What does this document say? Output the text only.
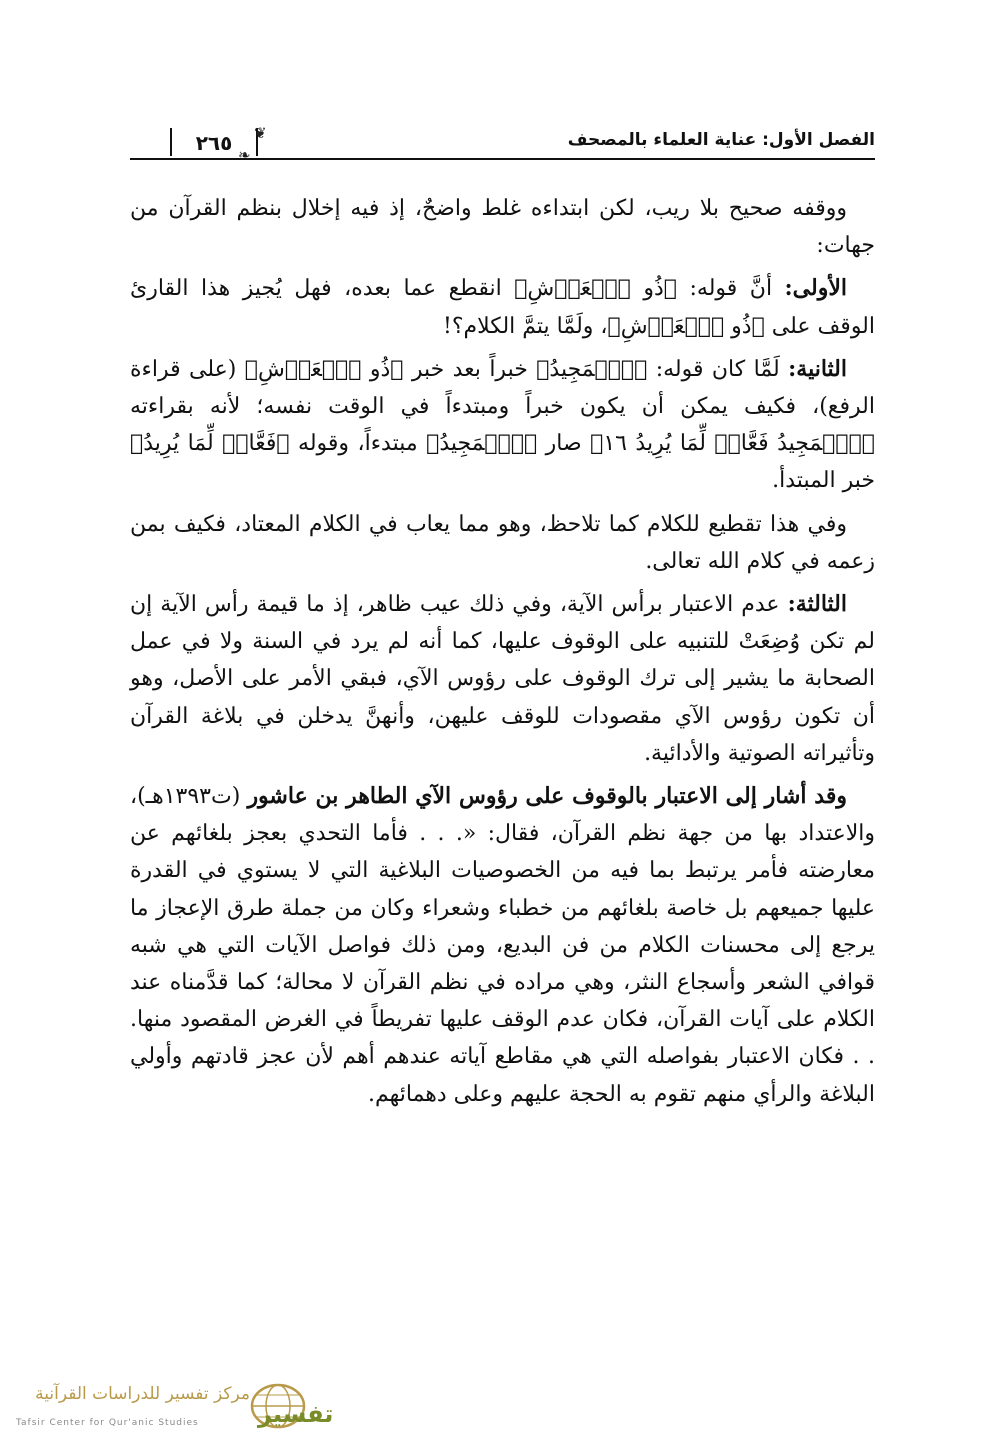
الفصل الأول: عناية العلماء بالمصحف
٢٦٥	❦
❧

ووقفه صحيح بلا ريب، لكن ابتداءه غلط واضحٌ، إذ فيه إخلال بنظم القرآن من جهات:

الأولى: أنَّ قوله: ﴿ذُو ٱلۡعَرۡشِ﴾ انقطع عما بعده، فهل يُجيز هذا القارئ الوقف على ﴿ذُو ٱلۡعَرۡشِ﴾، ولَمَّا يتمَّ الكلام؟!

الثانية: لَمَّا كان قوله: ﴿ٱلۡمَجِيدُ﴾ خبراً بعد خبر ﴿ذُو ٱلۡعَرۡشِ﴾ (على قراءة الرفع)، فكيف يمكن أن يكون خبراً ومبتدءاً في الوقت نفسه؛ لأنه بقراءته ﴿ٱلۡمَجِيدُ فَعَّالٞ لِّمَا يُرِيدُ ١٦﴾ صار ﴿ٱلۡمَجِيدُ﴾ مبتدءاً، وقوله ﴿فَعَّالٞ لِّمَا يُرِيدُ﴾ خبر المبتدأ.

وفي هذا تقطيع للكلام كما تلاحظ، وهو مما يعاب في الكلام المعتاد، فكيف بمن زعمه في كلام الله تعالى.

الثالثة: عدم الاعتبار برأس الآية، وفي ذلك عيب ظاهر، إذ ما قيمة رأس الآية إن لم تكن وُضِعَتْ للتنبيه على الوقوف عليها، كما أنه لم يرد في السنة ولا في عمل الصحابة ما يشير إلى ترك الوقوف على رؤوس الآي، فبقي الأمر على الأصل، وهو أن تكون رؤوس الآي مقصودات للوقف عليهن، وأنهنَّ يدخلن في بلاغة القرآن وتأثيراته الصوتية والأدائية.

وقد أشار إلى الاعتبار بالوقوف على رؤوس الآي الطاهر بن عاشور (ت١٣٩٣هـ)، والاعتداد بها من جهة نظم القرآن، فقال: «. . . فأما التحدي بعجز بلغائهم عن معارضته فأمر يرتبط بما فيه من الخصوصيات البلاغية التي لا يستوي في القدرة عليها جميعهم بل خاصة بلغائهم من خطباء وشعراء وكان من جملة طرق الإعجاز ما يرجع إلى محسنات الكلام من فن البديع، ومن ذلك فواصل الآيات التي هي شبه قوافي الشعر وأسجاع النثر، وهي مراده في نظم القرآن لا محالة؛ كما قدَّمناه عند الكلام على آيات القرآن، فكان عدم الوقف عليها تفريطاً في الغرض المقصود منها. . . فكان الاعتبار بفواصله التي هي مقاطع آياته عندهم أهم لأن عجز قادتهم وأولي البلاغة والرأي منهم تقوم به الحجة عليهم وعلى دهمائهم.

تفسير
مركز تفسير للدراسات القرآنية
Tafsir Center for Qur'anic Studies
